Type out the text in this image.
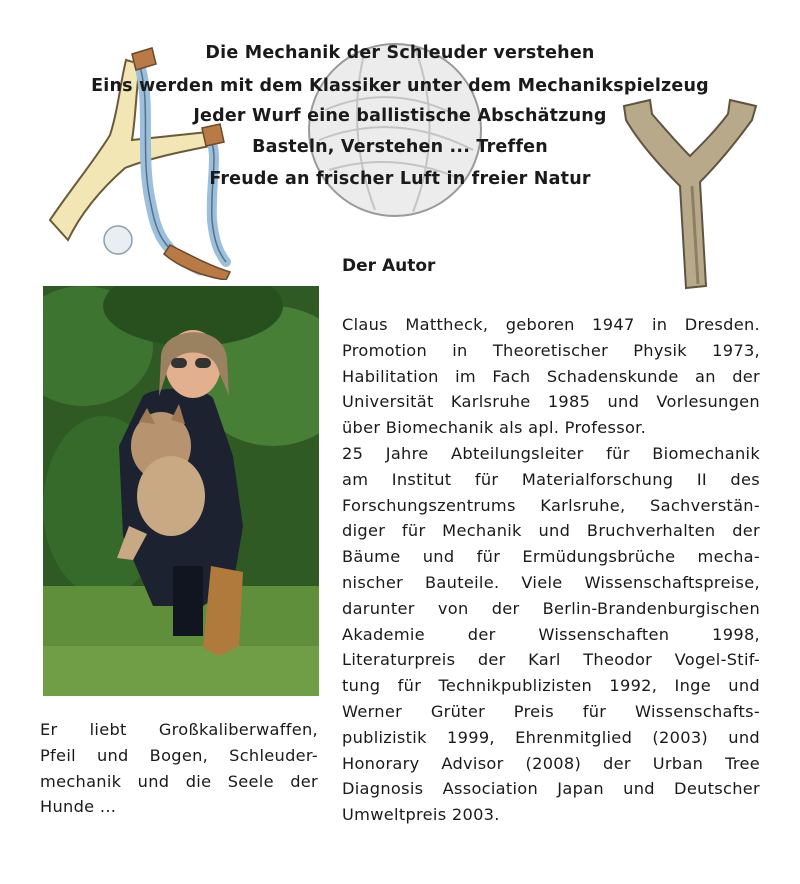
Die Mechanik der Schleuder verstehen
Eins werden mit dem Klassiker unter dem Mechanikspielzeug
Jeder Wurf eine ballistische Abschätzung
Basteln, Verstehen ... Treffen
Freude an frischer Luft in freier Natur
Der Autor
Claus Mattheck, geboren 1947 in Dresden.
Promotion in Theoretischer Physik 1973,
Habilitation im Fach Schadenskunde an der
Universität Karlsruhe 1985 und Vorlesungen
über Biomechanik als apl. Professor.
25 Jahre Abteilungsleiter für Biomechanik
am Institut für Materialforschung II des
Forschungszentrums Karlsruhe, Sachverstän-
diger für Mechanik und Bruchverhalten der
Bäume und für Ermüdungsbrüche mecha-
nischer Bauteile. Viele Wissenschaftspreise,
darunter von der Berlin-Brandenburgischen
Akademie der Wissenschaften 1998,
Literaturpreis der Karl Theodor Vogel-Stif-
tung für Technikpublizisten 1992, Inge und
Werner Grüter Preis für Wissenschafts-
publizistik 1999, Ehrenmitglied (2003) und
Honorary Advisor (2008) der Urban Tree
Diagnosis Association Japan und Deutscher
Umweltpreis 2003.
Er liebt Großkaliberwaffen,
Pfeil und Bogen, Schleuder-
mechanik und die Seele der
Hunde ...
